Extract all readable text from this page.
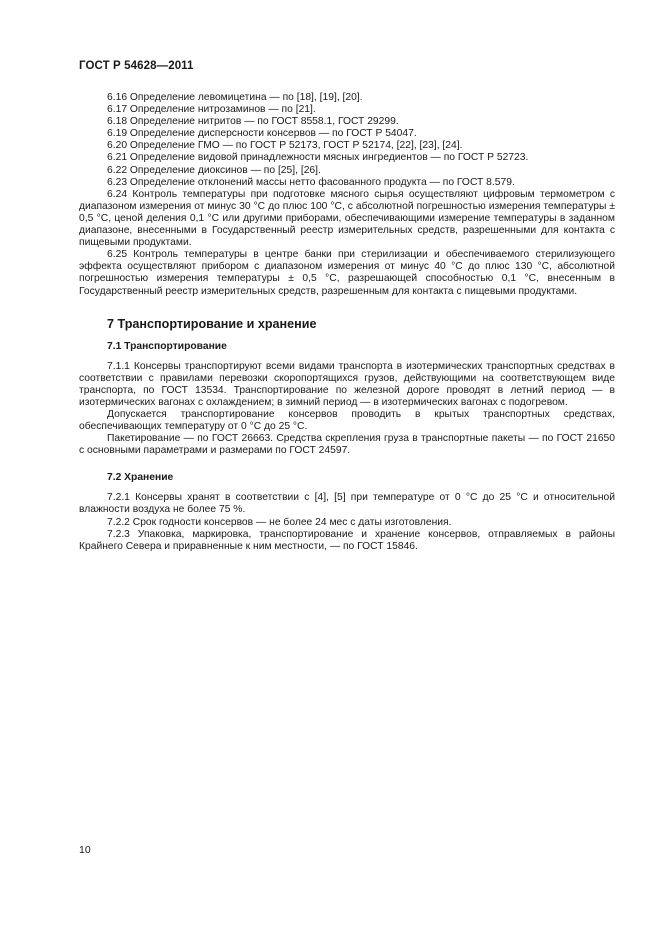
ГОСТ Р 54628—2011

6.16 Определение левомицетина — по [18], [19], [20].

6.17 Определение нитрозаминов — по [21].

6.18 Определение нитритов — по ГОСТ 8558.1, ГОСТ 29299.

6.19 Определение дисперсности консервов — по ГОСТ Р 54047.

6.20 Определение ГМО — по ГОСТ Р 52173, ГОСТ Р 52174, [22], [23], [24].

6.21 Определение видовой принадлежности мясных ингредиентов — по ГОСТ Р 52723.

6.22 Определение диоксинов — по [25], [26].

6.23 Определение отклонений массы нетто фасованного продукта — по ГОСТ 8.579.

6.24 Контроль температуры при подготовке мясного сырья осуществляют цифровым термометром с диапазоном измерения от минус 30 °С до плюс 100 °С, с абсолютной погрешностью измерения температуры ± 0,5 °С, ценой деления 0,1 °С или другими приборами, обеспечивающими измерение температуры в заданном диапазоне, внесенными в Государственный реестр измерительных средств, разрешенными для контакта с пищевыми продуктами.

6.25 Контроль температуры в центре банки при стерилизации и обеспечиваемого стерилизующего эффекта осуществляют прибором с диапазоном измерения от минус 40 °С до плюс 130 °С, абсолютной погрешностью измерения температуры ± 0,5 °С, разрешающей способностью 0,1 °С, внесенным в Государственный реестр измерительных средств, разрешенным для контакта с пищевыми продуктами.

7 Транспортирование и хранение
7.1 Транспортирование

7.1.1 Консервы транспортируют всеми видами транспорта в изотермических транспортных средствах в соответствии с правилами перевозки скоропортящихся грузов, действующими на соответствующем виде транспорта, по ГОСТ 13534. Транспортирование по железной дороге проводят в летний период — в изотермических вагонах с охлаждением; в зимний период — в изотермических вагонах с подогревом.

Допускается транспортирование консервов проводить в крытых транспортных средствах, обеспечивающих температуру от 0 °С до 25 °С.

Пакетирование — по ГОСТ 26663. Средства скрепления груза в транспортные пакеты — по ГОСТ 21650 с основными параметрами и размерами по ГОСТ 24597.

7.2 Хранение

7.2.1 Консервы хранят в соответствии с [4], [5] при температуре от 0 °С до 25 °С и относительной влажности воздуха не более 75 %.

7.2.2 Срок годности консервов — не более 24 мес с даты изготовления.

7.2.3 Упаковка, маркировка, транспортирование и хранение консервов, отправляемых в районы Крайнего Севера и приравненные к ним местности, — по ГОСТ 15846.

10
